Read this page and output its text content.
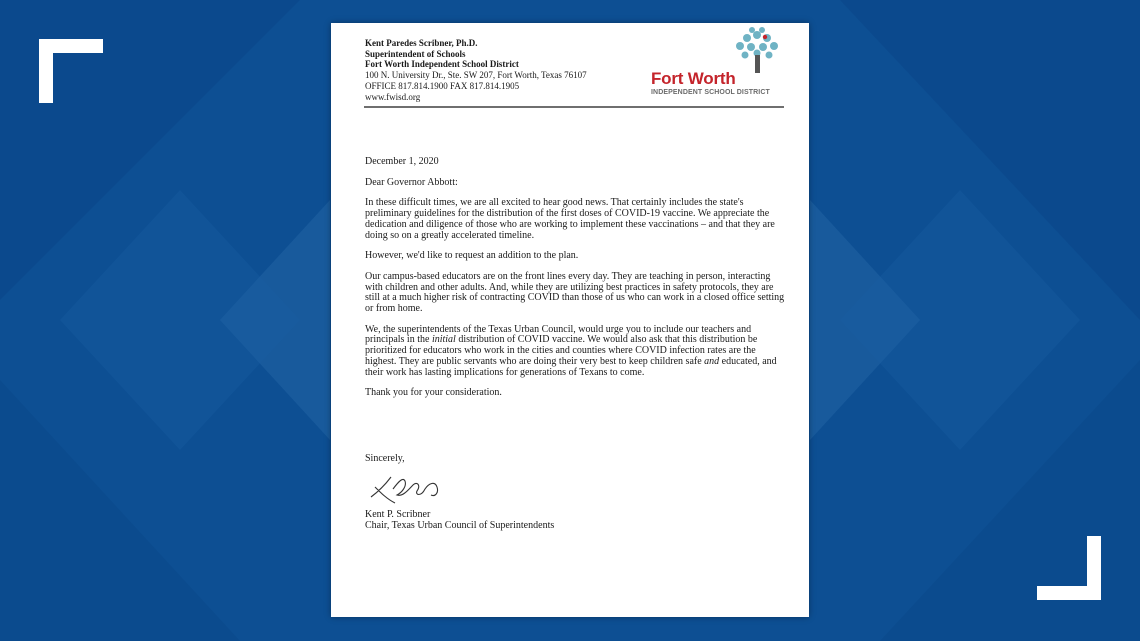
Kent Paredes Scribner, Ph.D.
Superintendent of Schools
Fort Worth Independent School District
100 N. University Dr., Ste. SW 207, Fort Worth, Texas 76107
OFFICE 817.814.1900 FAX 817.814.1905
www.fwisd.org
Fort Worth
INDEPENDENT SCHOOL DISTRICT

December 1, 2020

Dear Governor Abbott:

In these difficult times, we are all excited to hear good news. That certainly includes the state's preliminary guidelines for the distribution of the first doses of COVID-19 vaccine. We appreciate the dedication and diligence of those who are working to implement these vaccinations – and that they are doing so on a greatly accelerated timeline.

However, we'd like to request an addition to the plan.

Our campus-based educators are on the front lines every day. They are teaching in person, interacting with children and other adults. And, while they are utilizing best practices in safety protocols, they are still at a much higher risk of contracting COVID than those of us who can work in a closed office setting or from home.

We, the superintendents of the Texas Urban Council, would urge you to include our teachers and principals in the initial distribution of COVID vaccine. We would also ask that this distribution be prioritized for educators who work in the cities and counties where COVID infection rates are the highest. They are public servants who are doing their very best to keep children safe and educated, and their work has lasting implications for generations of Texans to come.

Thank you for your consideration.

Sincerely,
Kent P. Scribner
Chair, Texas Urban Council of Superintendents
